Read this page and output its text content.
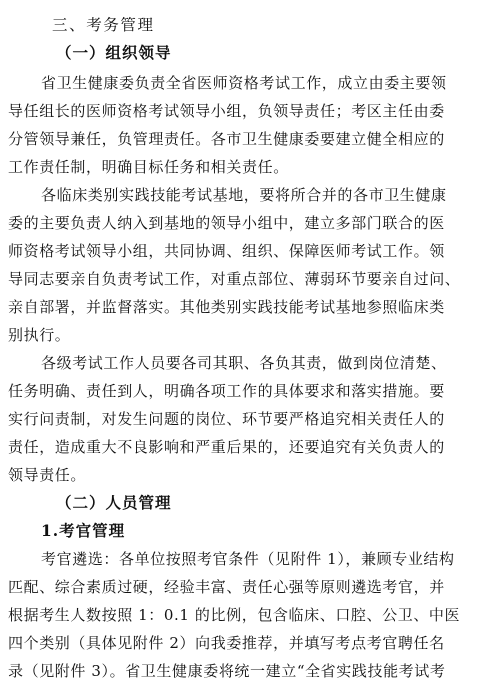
三、考务管理
（一）组织领导
省卫生健康委负责全省医师资格考试工作，成立由委主要领
导任组长的医师资格考试领导小组，负领导责任；考区主任由委
分管领导兼任，负管理责任。各市卫生健康委要建立健全相应的
工作责任制，明确目标任务和相关责任。
各临床类别实践技能考试基地，要将所合并的各市卫生健康
委的主要负责人纳入到基地的领导小组中，建立多部门联合的医
师资格考试领导小组，共同协调、组织、保障医师考试工作。领
导同志要亲自负责考试工作，对重点部位、薄弱环节要亲自过问、
亲自部署，并监督落实。其他类别实践技能考试基地参照临床类
别执行。
各级考试工作人员要各司其职、各负其责，做到岗位清楚、
任务明确、责任到人，明确各项工作的具体要求和落实措施。要
实行问责制，对发生问题的岗位、环节要严格追究相关责任人的
责任，造成重大不良影响和严重后果的，还要追究有关负责人的
领导责任。
（二）人员管理
1.考官管理
考官遴选：各单位按照考官条件（见附件 1），兼顾专业结构
匹配、综合素质过硬，经验丰富、责任心强等原则遴选考官，并
根据考生人数按照 1：0.1 的比例，包含临床、口腔、公卫、中医
四个类别（具体见附件 2）向我委推荐，并填写考点考官聘任名
录（见附件 3）。省卫生健康委将统一建立“全省实践技能考试考
